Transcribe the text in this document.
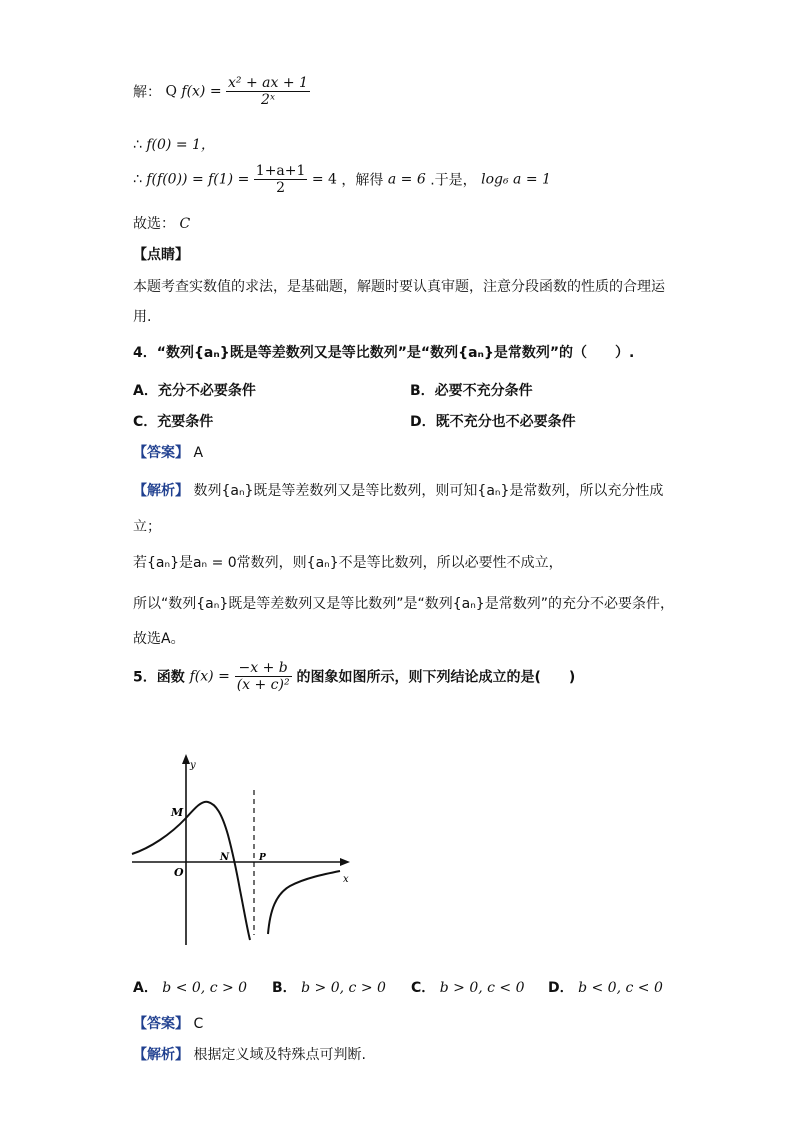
解： Q $f(x) = \frac{\text{x² + ax + 1}}{\text{2ˣ}}$
∴ f(0) = 1，
∴ $f(f(0)) = f(1) = \frac{1+a+1}{2} = 4$ ，解得 a = 6 .于是， log₆ a = 1
故选： C
【点睛】
本题考查实数值的求法，是基础题，解题时要认真审题，注意分段函数的性质的合理运
用.
4．“数列{aₙ}既是等差数列又是等比数列”是“数列{aₙ}是常数列”的（　　）.
A．充分不必要条件	B．必要不充分条件
C．充要条件	D．既不充分也不必要条件
【答案】 A
【解析】 数列{aₙ}既是等差数列又是等比数列，则可知{aₙ}是常数列，所以充分性成
立；
若{aₙ}是aₙ = 0常数列，则{aₙ}不是等比数列，所以必要性不成立，
所以“数列{aₙ}既是等差数列又是等比数列”是“数列{aₙ}是常数列”的充分不必要条件，
故选A。
5．函数 $f(x) = \frac{-x + b}{\text{(x + c)²}}$ 的图象如图所示，则下列结论成立的是(　　)
y
x
O
M
N	P
A． b < 0, c > 0 B． b > 0, c > 0 C． b > 0, c < 0 D． b < 0, c < 0
【答案】 C
【解析】 根据定义域及特殊点可判断.
